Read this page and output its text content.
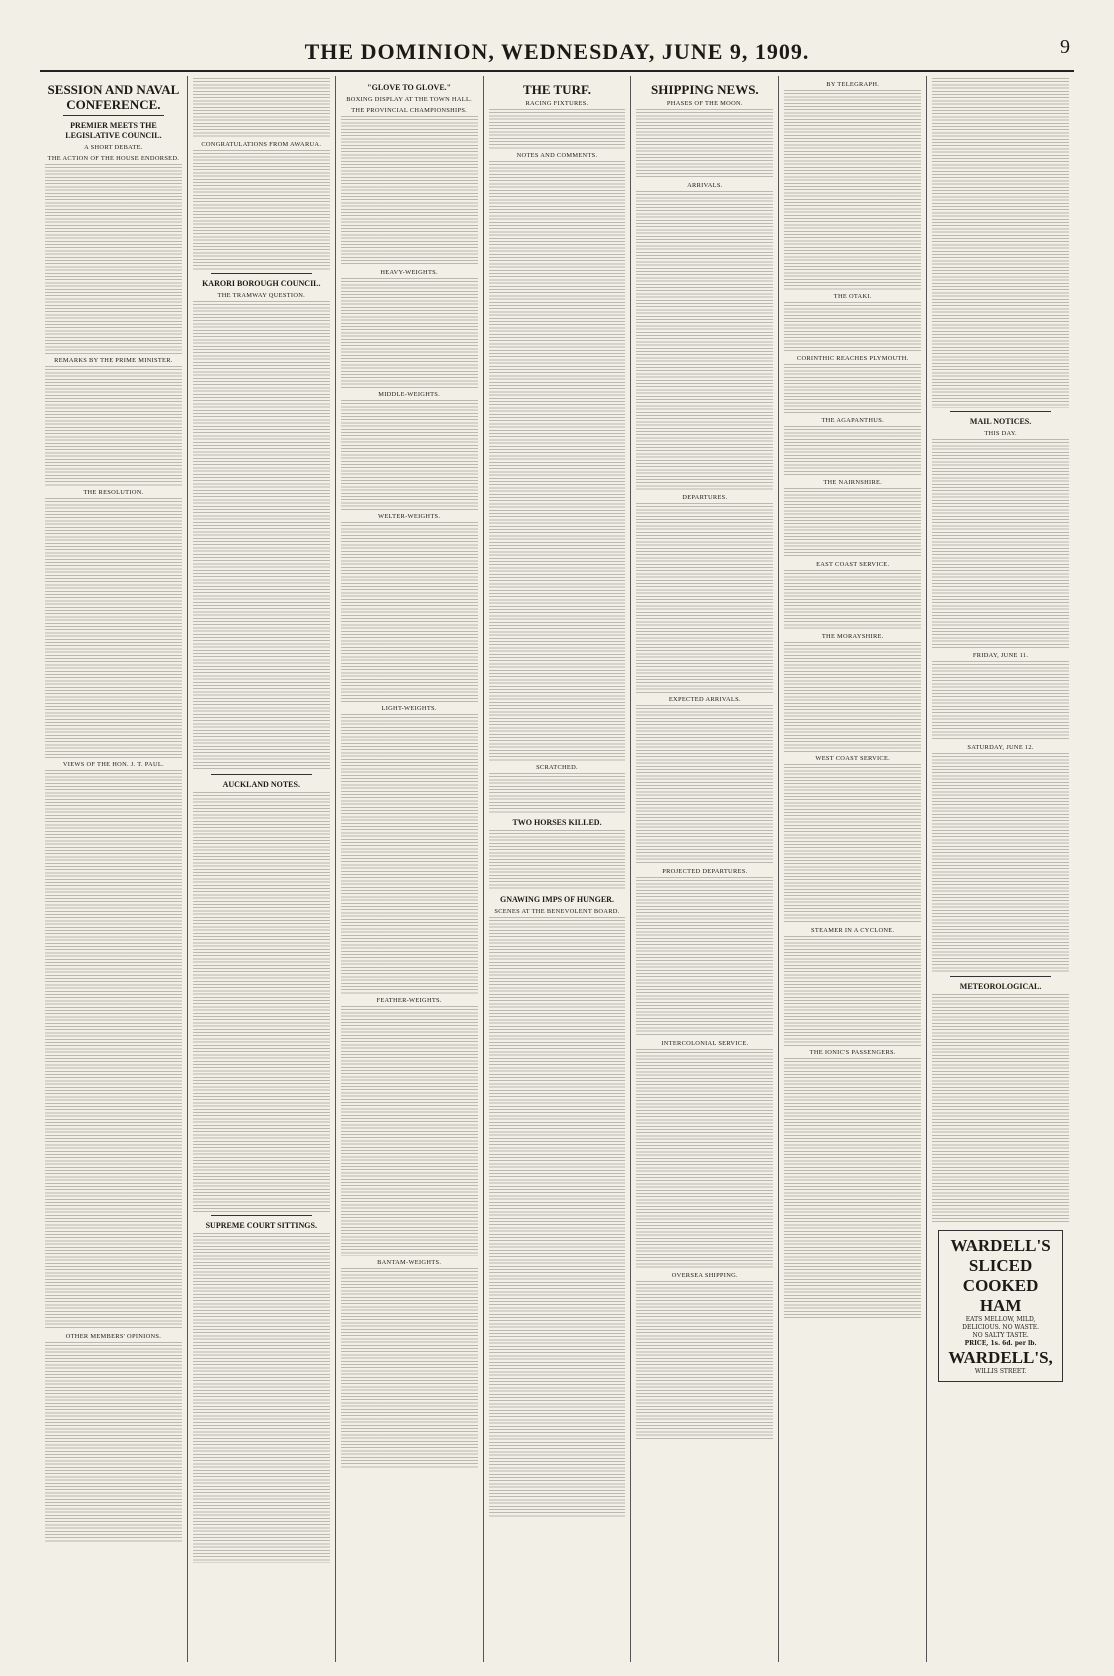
THE DOMINION, WEDNESDAY, JUNE 9, 1909.	9
SESSION AND NAVAL CONFERENCE.
PREMIER MEETS THE LEGISLATIVE COUNCIL.
A SHORT DEBATE.
THE ACTION OF THE HOUSE ENDORSED.
REMARKS BY THE PRIME MINISTER.
THE RESOLUTION.
VIEWS OF THE HON. J. T. PAUL.
OTHER MEMBERS' OPINIONS.
CONGRATULATIONS FROM AWARUA.
KARORI BOROUGH COUNCIL.
THE TRAMWAY QUESTION.
AUCKLAND NOTES.
SUPREME COURT SITTINGS.
"GLOVE TO GLOVE."
BOXING DISPLAY AT THE TOWN HALL.
THE PROVINCIAL CHAMPIONSHIPS.
HEAVY-WEIGHTS.
MIDDLE-WEIGHTS.
WELTER-WEIGHTS.
LIGHT-WEIGHTS.
FEATHER-WEIGHTS.
BANTAM-WEIGHTS.
THE TURF.
RACING FIXTURES.
NOTES AND COMMENTS.
SCRATCHED.
TWO HORSES KILLED.
GNAWING IMPS OF HUNGER.
SCENES AT THE BENEVOLENT BOARD.
SHIPPING NEWS.
PHASES OF THE MOON.
ARRIVALS.
DEPARTURES.
EXPECTED ARRIVALS.
PROJECTED DEPARTURES.
INTERCOLONIAL SERVICE.
OVERSEA SHIPPING.
BY TELEGRAPH.
THE OTAKI.
CORINTHIC REACHES PLYMOUTH.
THE AGAPANTHUS.
THE NAIRNSHIRE.
EAST COAST SERVICE.
THE MORAYSHIRE.
WEST COAST SERVICE.
STEAMER IN A CYCLONE.
THE IONIC'S PASSENGERS.
MAIL NOTICES.
THIS DAY.
FRIDAY, JUNE 11.
SATURDAY, JUNE 12.
METEOROLOGICAL.
WARDELL'S
SLICED COOKED HAM
EATS MELLOW, MILD,
DELICIOUS. NO WASTE.
NO SALTY TASTE.
PRICE, 1s. 6d. per lb.
WARDELL'S,
WILLIS STREET.
